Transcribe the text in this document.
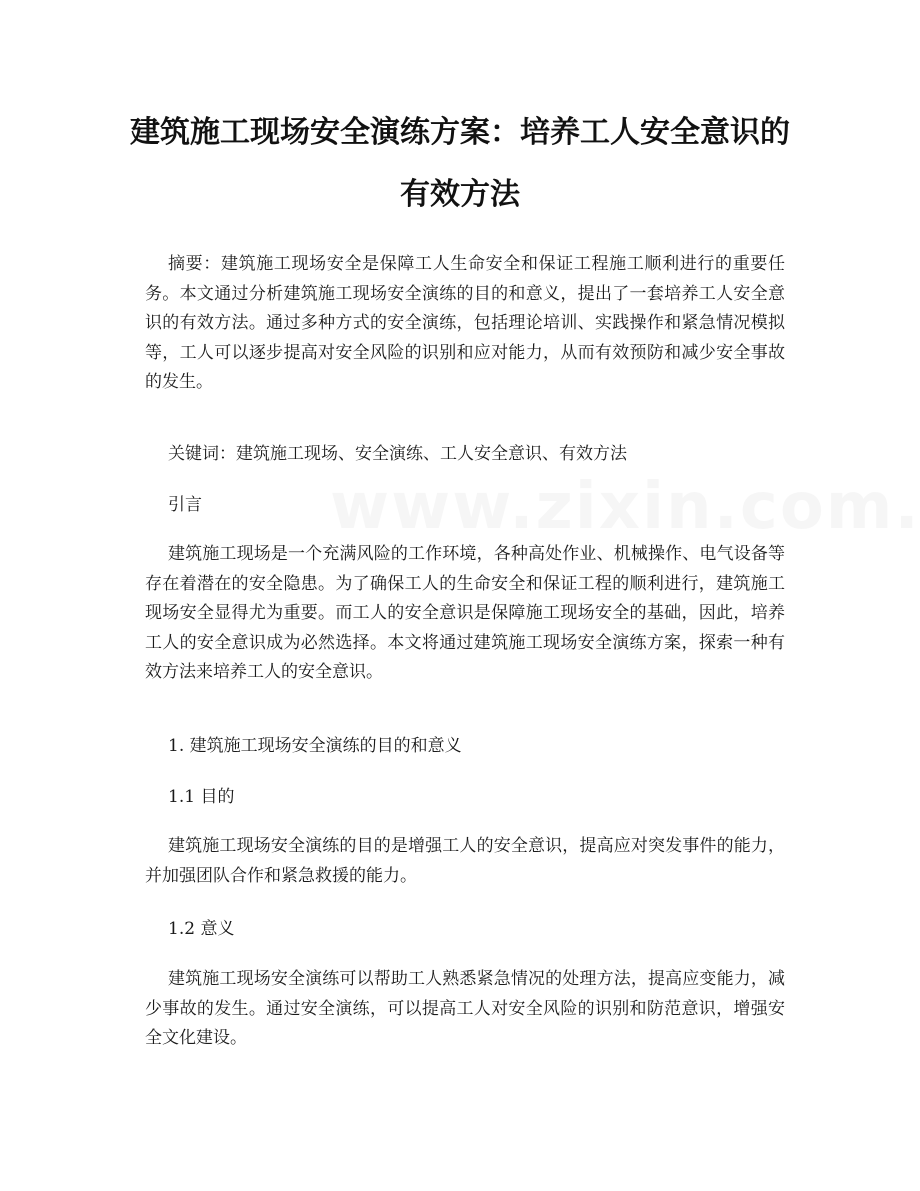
建筑施工现场安全演练方案：培养工人安全意识的有效方法

摘要：建筑施工现场安全是保障工人生命安全和保证工程施工顺利进行的重要任务。本文通过分析建筑施工现场安全演练的目的和意义，提出了一套培养工人安全意识的有效方法。通过多种方式的安全演练，包括理论培训、实践操作和紧急情况模拟等，工人可以逐步提高对安全风险的识别和应对能力，从而有效预防和减少安全事故的发生。

关键词：建筑施工现场、安全演练、工人安全意识、有效方法

引言

建筑施工现场是一个充满风险的工作环境，各种高处作业、机械操作、电气设备等存在着潜在的安全隐患。为了确保工人的生命安全和保证工程的顺利进行，建筑施工现场安全显得尤为重要。而工人的安全意识是保障施工现场安全的基础，因此，培养工人的安全意识成为必然选择。本文将通过建筑施工现场安全演练方案，探索一种有效方法来培养工人的安全意识。

1. 建筑施工现场安全演练的目的和意义

1.1 目的

建筑施工现场安全演练的目的是增强工人的安全意识，提高应对突发事件的能力，并加强团队合作和紧急救援的能力。

1.2 意义

建筑施工现场安全演练可以帮助工人熟悉紧急情况的处理方法，提高应变能力，减少事故的发生。通过安全演练，可以提高工人对安全风险的识别和防范意识，增强安全文化建设。
